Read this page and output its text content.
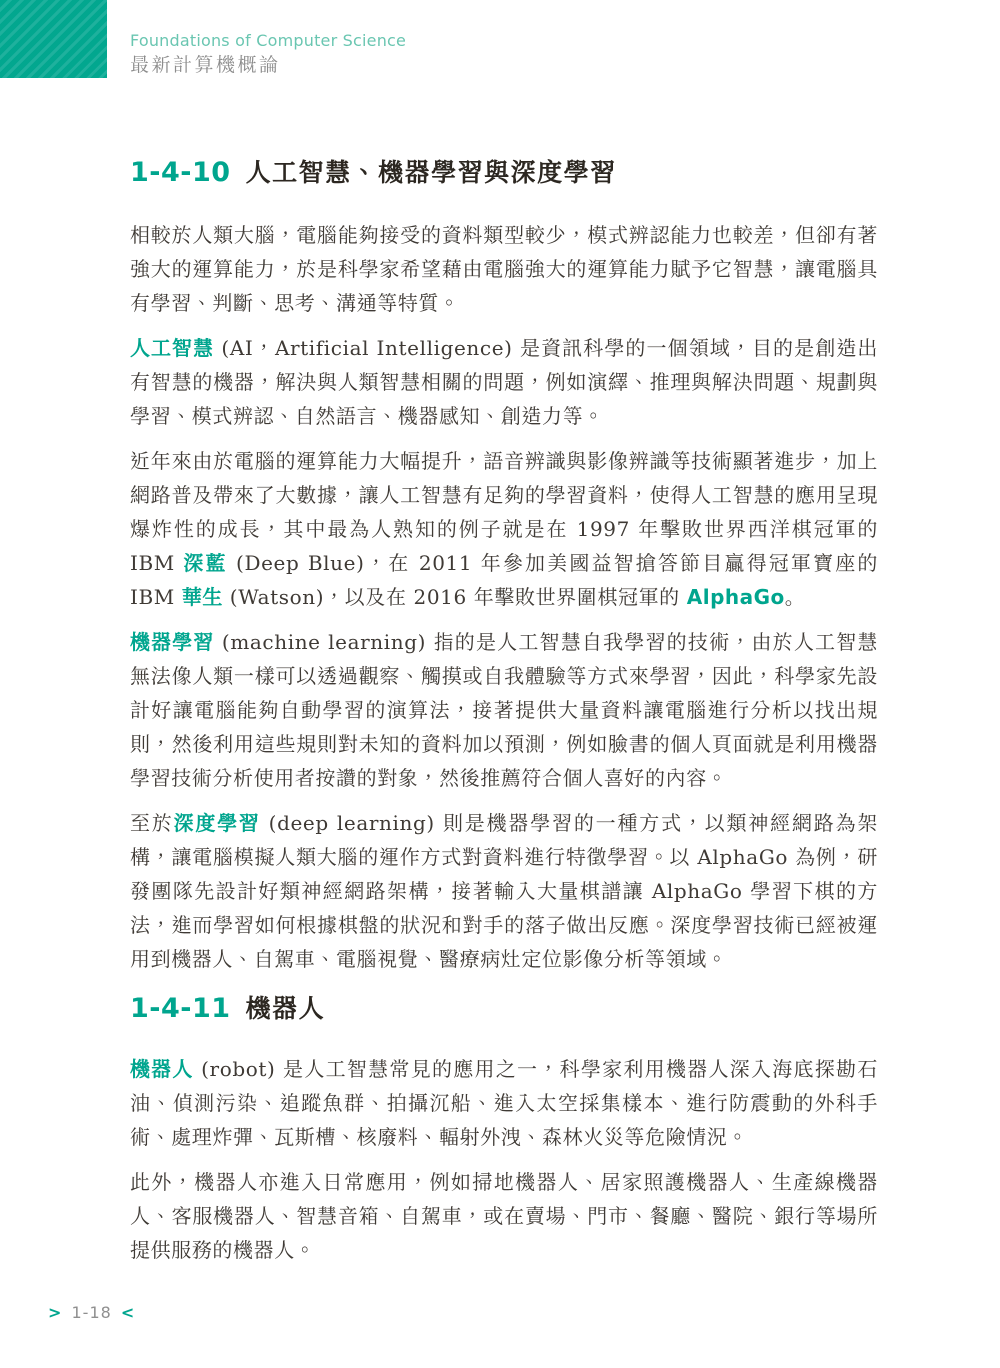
Foundations of Computer Science
最新計算機概論
1-4-10 人工智慧、機器學習與深度學習

相較於人類大腦，電腦能夠接受的資料類型較少，模式辨認能力也較差，但卻有著強大的運算能力，於是科學家希望藉由電腦強大的運算能力賦予它智慧，讓電腦具有學習、判斷、思考、溝通等特質。

人工智慧 (AI，Artificial Intelligence) 是資訊科學的一個領域，目的是創造出有智慧的機器，解決與人類智慧相關的問題，例如演繹、推理與解決問題、規劃與學習、模式辨認、自然語言、機器感知、創造力等。

近年來由於電腦的運算能力大幅提升，語音辨識與影像辨識等技術顯著進步，加上網路普及帶來了大數據，讓人工智慧有足夠的學習資料，使得人工智慧的應用呈現爆炸性的成長，其中最為人熟知的例子就是在 1997 年擊敗世界西洋棋冠軍的 IBM 深藍 (Deep Blue)，在 2011 年參加美國益智搶答節目贏得冠軍寶座的 IBM 華生 (Watson)，以及在 2016 年擊敗世界圍棋冠軍的 AlphaGo。

機器學習 (machine learning) 指的是人工智慧自我學習的技術，由於人工智慧無法像人類一樣可以透過觀察、觸摸或自我體驗等方式來學習，因此，科學家先設計好讓電腦能夠自動學習的演算法，接著提供大量資料讓電腦進行分析以找出規則，然後利用這些規則對未知的資料加以預測，例如臉書的個人頁面就是利用機器學習技術分析使用者按讚的對象，然後推薦符合個人喜好的內容。

至於深度學習 (deep learning) 則是機器學習的一種方式，以類神經網路為架構，讓電腦模擬人類大腦的運作方式對資料進行特徵學習。以 AlphaGo 為例，研發團隊先設計好類神經網路架構，接著輸入大量棋譜讓 AlphaGo 學習下棋的方法，進而學習如何根據棋盤的狀況和對手的落子做出反應。深度學習技術已經被運用到機器人、自駕車、電腦視覺、醫療病灶定位影像分析等領域。

1-4-11 機器人

機器人 (robot) 是人工智慧常見的應用之一，科學家利用機器人深入海底探勘石油、偵測污染、追蹤魚群、拍攝沉船、進入太空採集樣本、進行防震動的外科手術、處理炸彈、瓦斯槽、核廢料、輻射外洩、森林火災等危險情況。

此外，機器人亦進入日常應用，例如掃地機器人、居家照護機器人、生產線機器人、客服機器人、智慧音箱、自駕車，或在賣場、門市、餐廳、醫院、銀行等場所提供服務的機器人。

> 1-18 <
